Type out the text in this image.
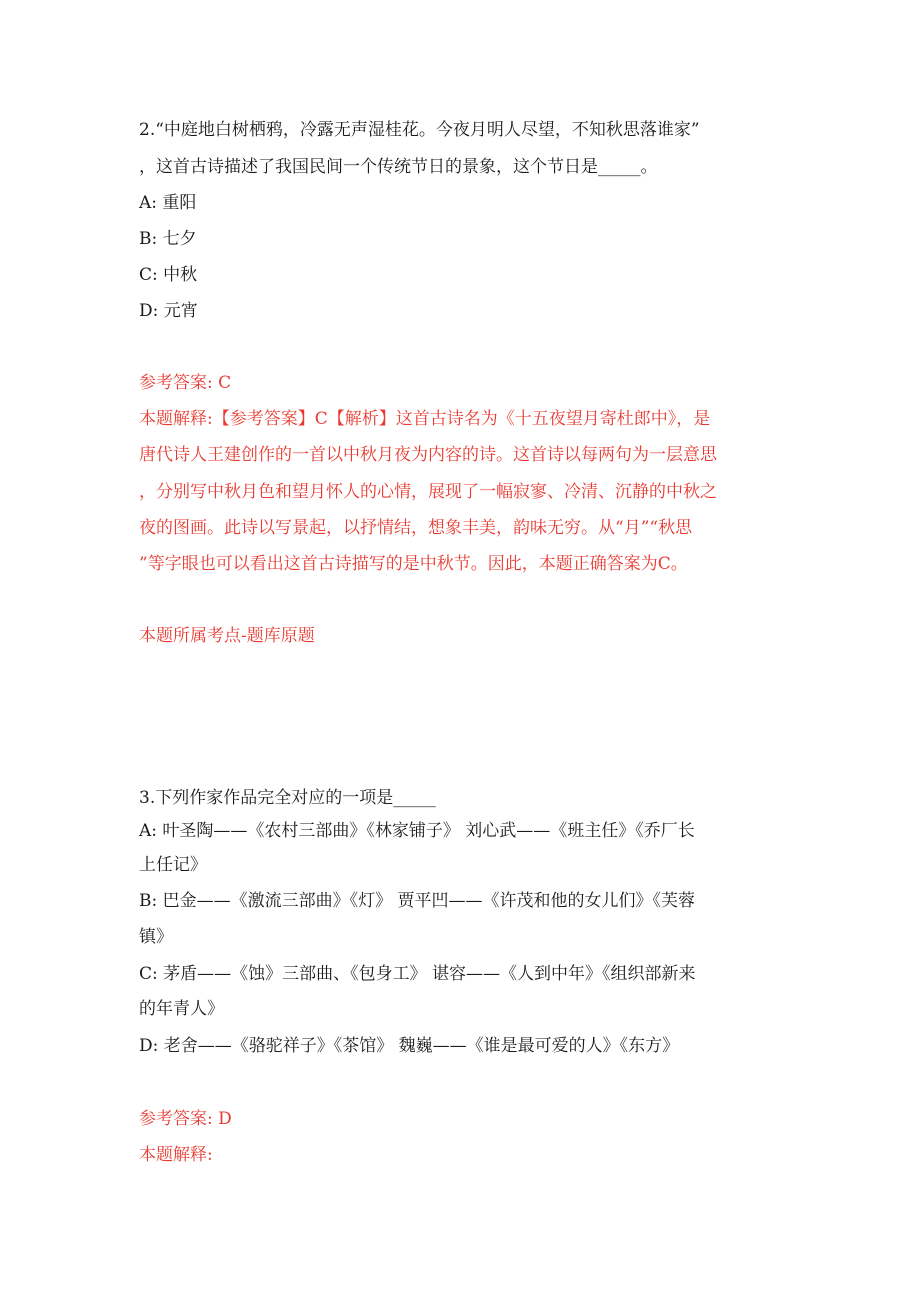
2.“中庭地白树栖鸦，冷露无声湿桂花。今夜月明人尽望，不知秋思落谁家”
，这首古诗描述了我国民间一个传统节日的景象，这个节日是_____。
A: 重阳
B: 七夕
C: 中秋
D: 元宵
参考答案: C
本题解释:【参考答案】C【解析】这首古诗名为《十五夜望月寄杜郎中》，是
唐代诗人王建创作的一首以中秋月夜为内容的诗。这首诗以每两句为一层意思
，分别写中秋月色和望月怀人的心情，展现了一幅寂寥、冷清、沉静的中秋之
夜的图画。此诗以写景起，以抒情结，想象丰美，韵味无穷。从“月”“秋思
”等字眼也可以看出这首古诗描写的是中秋节。因此，本题正确答案为C。
本题所属考点-题库原题
3.下列作家作品完全对应的一项是_____
A: 叶圣陶——《农村三部曲》《林家铺子》 刘心武——《班主任》《乔厂长
上任记》
B: 巴金——《激流三部曲》《灯》 贾平凹——《许茂和他的女儿们》《芙蓉
镇》
C: 茅盾——《蚀》三部曲、《包身工》 谌容——《人到中年》《组织部新来
的年青人》
D: 老舍——《骆驼祥子》《茶馆》 魏巍——《谁是最可爱的人》《东方》
参考答案: D
本题解释:
